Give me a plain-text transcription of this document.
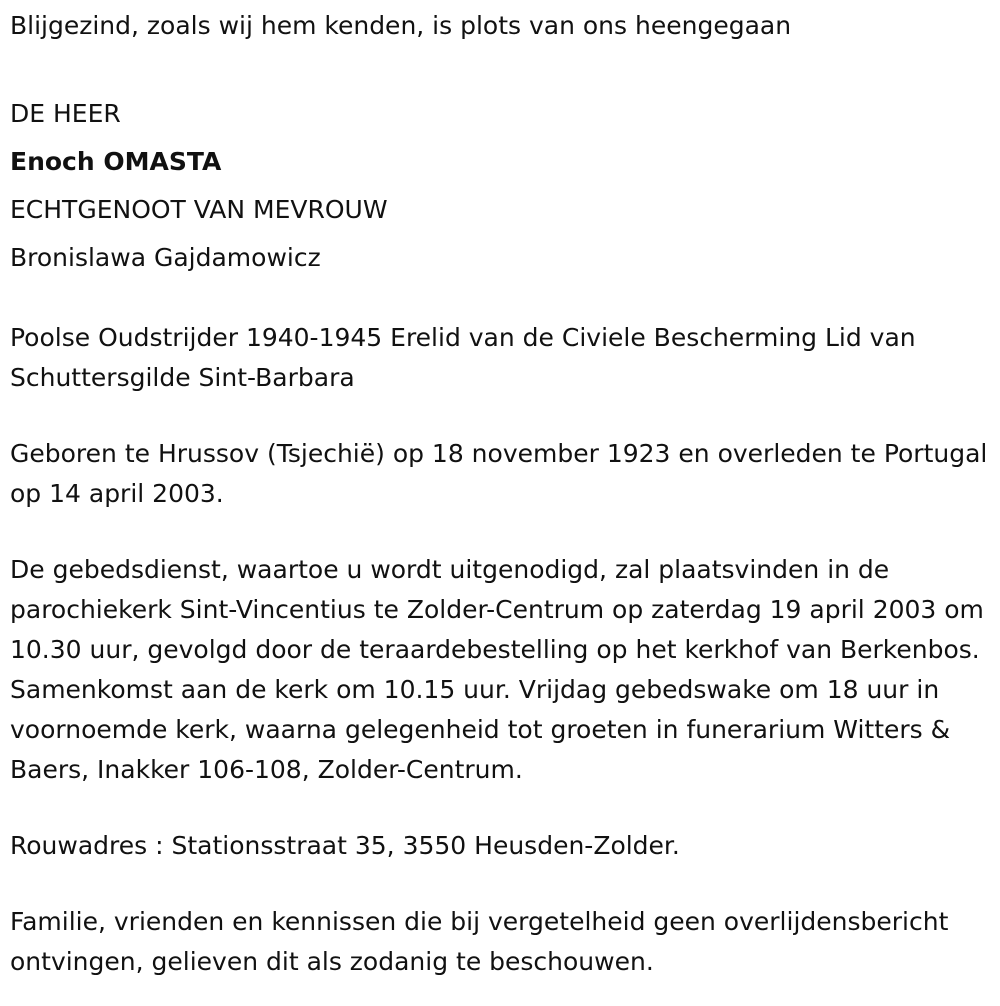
Blijgezind, zoals wij hem kenden, is plots van ons heengegaan

DE HEER

Enoch OMASTA

ECHTGENOOT VAN MEVROUW

Bronislawa Gajdamowicz

Poolse Oudstrijder 1940-1945 Erelid van de Civiele Bescherming Lid van Schuttersgilde Sint-Barbara

Geboren te Hrussov (Tsjechië) op 18 november 1923 en overleden te Portugal op 14 april 2003.

De gebedsdienst, waartoe u wordt uitgenodigd, zal plaatsvinden in de parochiekerk Sint-Vincentius te Zolder-Centrum op zaterdag 19 april 2003 om 10.30 uur, gevolgd door de teraardebestelling op het kerkhof van Berkenbos. Samenkomst aan de kerk om 10.15 uur. Vrijdag gebedswake om 18 uur in voornoemde kerk, waarna gelegenheid tot groeten in funerarium Witters & Baers, Inakker 106-108, Zolder-Centrum.

Rouwadres : Stationsstraat 35, 3550 Heusden-Zolder.

Familie, vrienden en kennissen die bij vergetelheid geen overlijdensbericht ontvingen, gelieven dit als zodanig te beschouwen.
